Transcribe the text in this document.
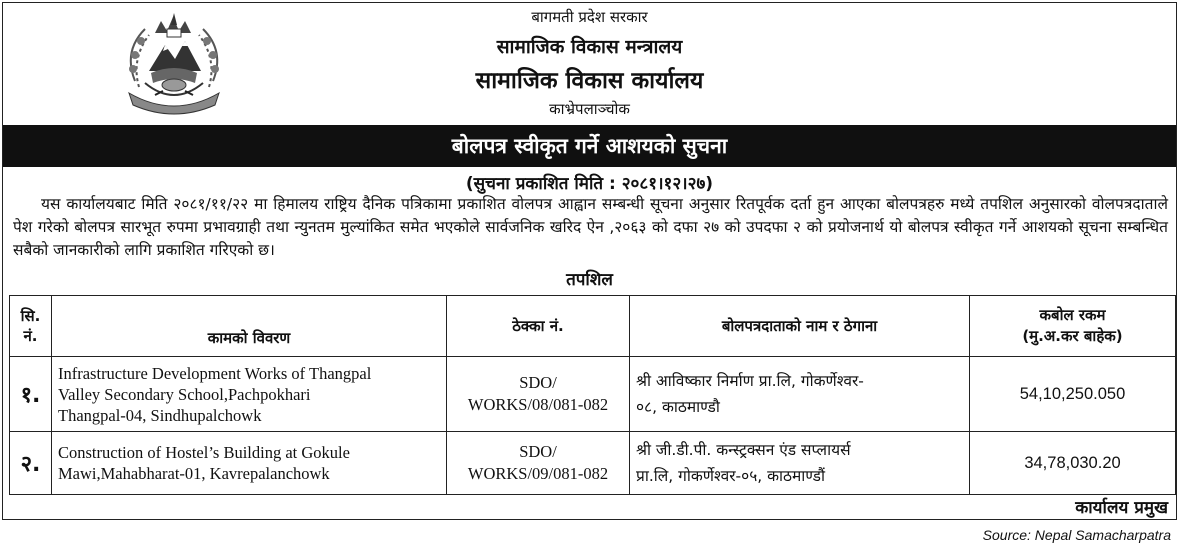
बागमती प्रदेश सरकार
सामाजिक विकास मन्त्रालय
सामाजिक विकास कार्यालय
काभ्रेपलाञ्चोक
बोलपत्र स्वीकृत गर्ने आशयको सुचना
(सुचना प्रकाशित मिति : २०८१।१२।२७)
यस कार्यालयबाट मिति २०८१/११/२२ मा हिमालय राष्ट्रिय दैनिक पत्रिकामा प्रकाशित वोलपत्र आह्वान सम्बन्धी सूचना अनुसार रितपूर्वक दर्ता हुन आएका बोलपत्रहरु मध्ये तपशिल अनुसारको वोलपत्रदाताले पेश गरेको बोलपत्र सारभूत रुपमा प्रभावग्राही तथा न्युनतम मुल्यांकित समेत भएकोले सार्वजनिक खरिद ऐन ,२०६३ को दफा २७ को उपदफा २ को प्रयोजनार्थ यो बोलपत्र स्वीकृत गर्ने आशयको सूचना सम्बन्धित सबैको जानकारीको लागि प्रकाशित गरिएको छ।
तपशिल
सि.
नं.	कामको विवरण	ठेक्का नं.	बोलपत्रदाताको नाम र ठेगाना	कबोल रकम
(मु.अ.कर बाहेक)
१.	Infrastructure Development Works of Thangpal
Valley Secondary School,Pachpokhari
Thangpal-04, Sindhupalchowk	SDO/
WORKS/08/081-082	श्री आविष्कार निर्माण प्रा.लि, गोकर्णेश्वर-
०८, काठमाण्डौ	54,10,250.050
२.	Construction of Hostel’s Building at Gokule
Mawi,Mahabharat-01, Kavrepalanchowk	SDO/
WORKS/09/081-082	श्री जी.डी.पी. कन्स्ट्रक्सन एंड सप्लायर्स
प्रा.लि, गोकर्णेश्वर-०५, काठमाण्डौं	34,78,030.20
कार्यालय प्रमुख
Source: Nepal Samacharpatra
